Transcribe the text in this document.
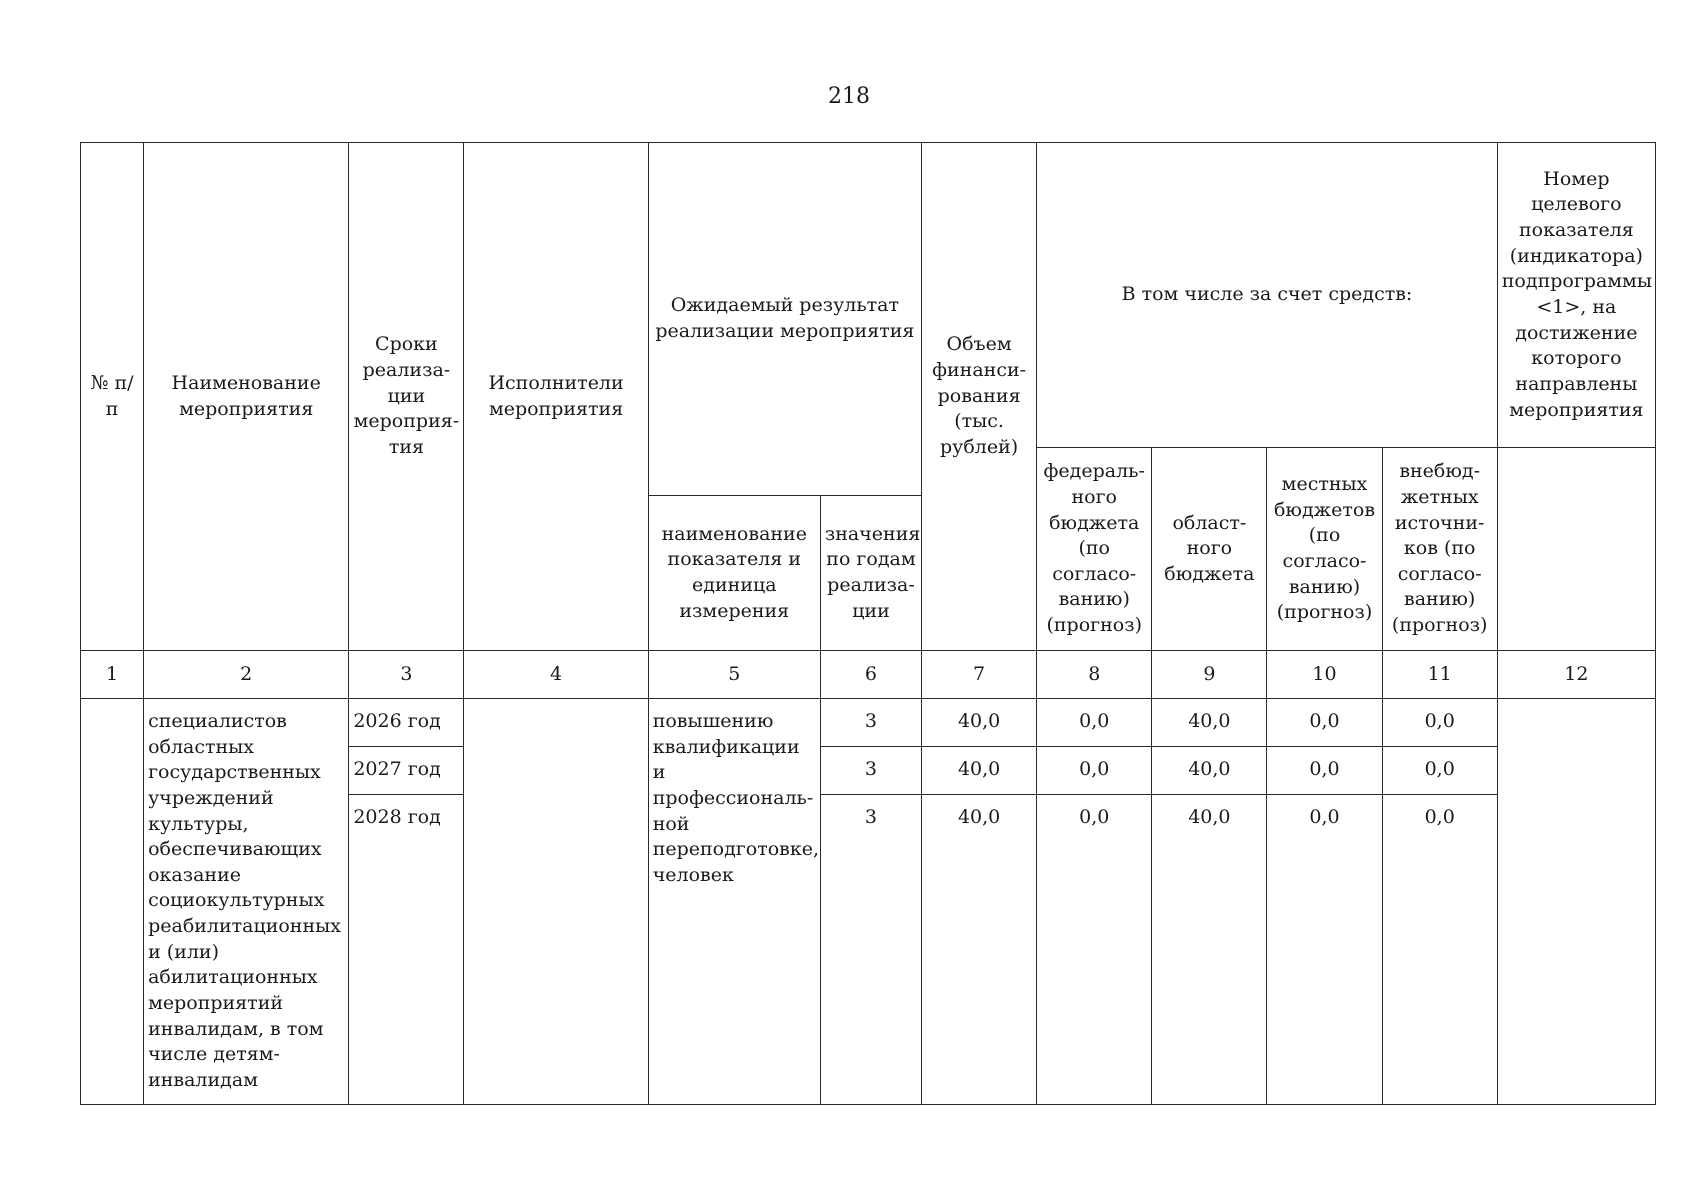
218
№ п/п	Наименование мероприятия	Сроки реализа- ции мероприя- тия	Исполнители мероприятия	Ожидаемый результат реализации мероприятия		Объем финанси- рования (тыс. рублей)	В том числе за счет средств:				Номер целевого показателя (индикатора) подпрограммы <1>, на достижение которого направлены мероприятия
							федераль- ного бюджета (по согласо- ванию) (прогноз)	област- ного бюджета	местных бюджетов (по согласо- ванию) (прогноз)	внебюд- жетных источни- ков (по согласо- ванию) (прогноз)	
				наименование показателя и единица измерения	значения по годам реализа- ции						
1	2	3	4	5	6	7	8	9	10	11	12
	специалистов областных государственных учреждений культуры, обеспечивающих оказание социокультурных реабилитационных и (или) абилитационных мероприятий инвалидам, в том числе детям- инвалидам	2026 год		повышению квалификации и профессиональ- ной переподготовке, человек	3	40,0	0,0	40,0	0,0	0,0	
		2027 год			3	40,0	0,0	40,0	0,0	0,0	
		2028 год			3	40,0	0,0	40,0	0,0	0,0	
